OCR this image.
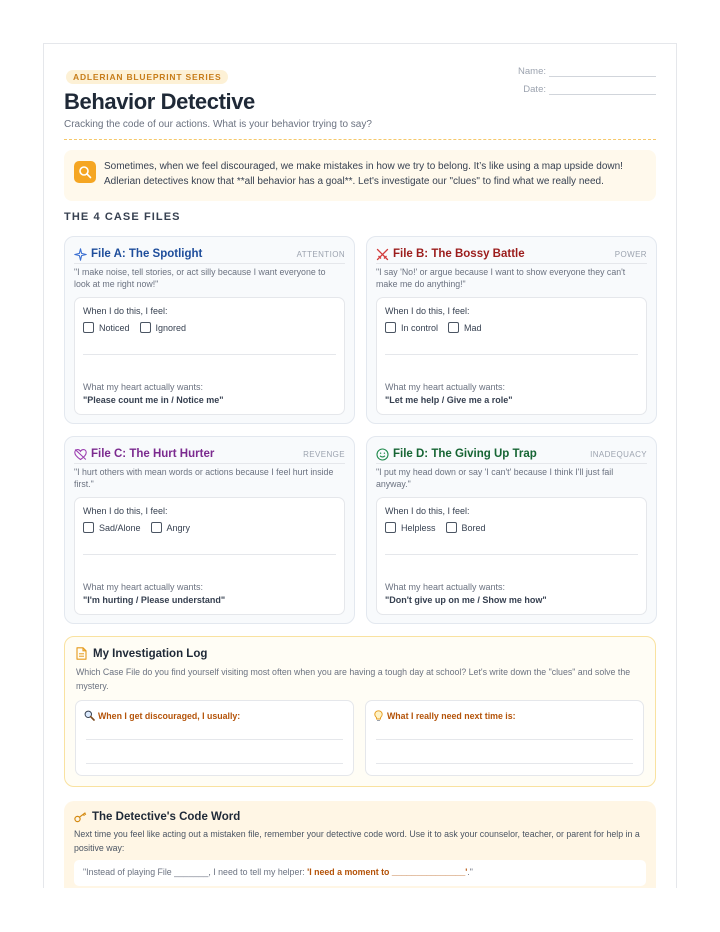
ADLERIAN BLUEPRINT SERIES
Behavior Detective
Cracking the code of our actions. What is your behavior trying to say?
Name:
Date:
Sometimes, when we feel discouraged, we make mistakes in how we try to belong. It’s like using a map upside down!
Adlerian detectives know that **all behavior has a goal**. Let's investigate our "clues" to find what we really need.
THE 4 CASE FILES
File A: The Spotlight	ATTENTION
"I make noise, tell stories, or act silly because I want everyone to look at me right now!"
When I do this, I feel:
Noticed	Ignored
What my heart actually wants:
"Please count me in / Notice me"
File B: The Bossy Battle	POWER
"I say 'No!' or argue because I want to show everyone they can't make me do anything!"
When I do this, I feel:
In control	Mad
What my heart actually wants:
"Let me help / Give me a role"
File C: The Hurt Hurter	REVENGE
"I hurt others with mean words or actions because I feel hurt inside first."
When I do this, I feel:
Sad/Alone	Angry
What my heart actually wants:
"I'm hurting / Please understand"
File D: The Giving Up Trap	INADEQUACY
"I put my head down or say 'I can't' because I think I'll just fail anyway."
When I do this, I feel:
Helpless	Bored
What my heart actually wants:
"Don't give up on me / Show me how"
My Investigation Log
Which Case File do you find yourself visiting most often when you are having a tough day at school? Let's write down the "clues" and solve the mystery.
When I get discouraged, I usually:	What I really need next time is:
The Detective's Code Word
Next time you feel like acting out a mistaken file, remember your detective code word. Use it to ask your counselor, teacher, or parent for help in a positive way:
"Instead of playing File _______, I need to tell my helper: 'I need a moment to _______________'."
